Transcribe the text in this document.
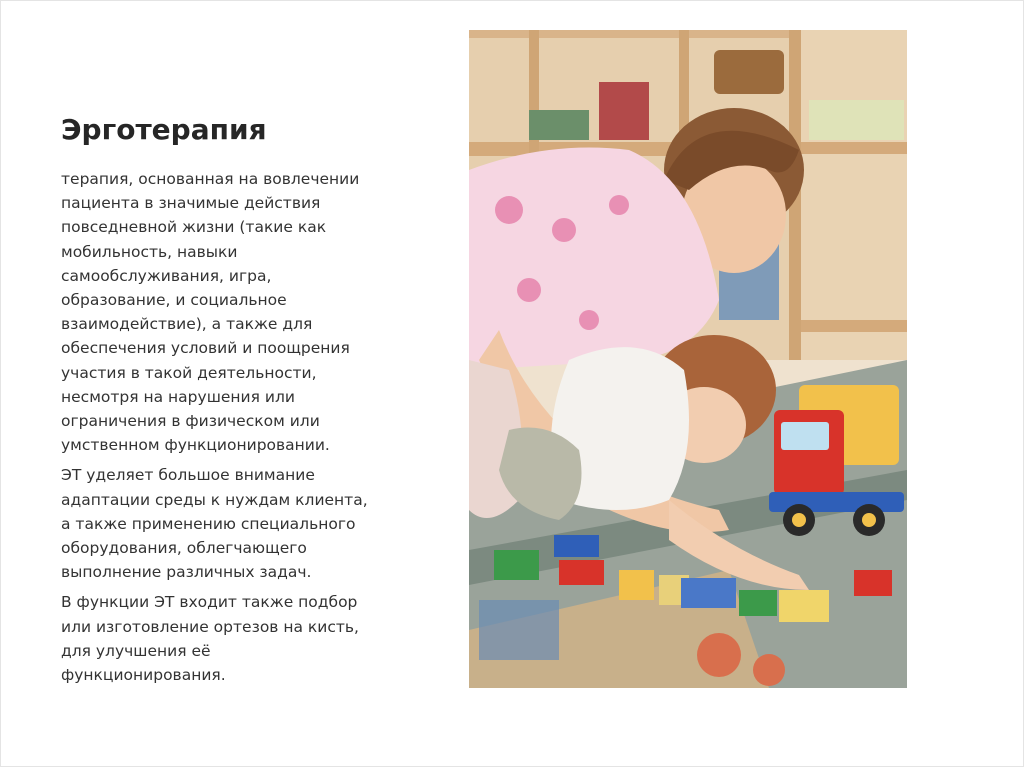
Эрготерапия

терапия, основанная на вовлечении
пациента в значимые действия
повседневной жизни (такие как
мобильность, навыки
самообслуживания, игра,
образование, и социальное
взаимодействие), а также для
обеспечения условий и поощрения
участия в такой деятельности,
несмотря на нарушения или
ограничения в физическом или
умственном функционировании.

ЭТ уделяет большое внимание
адаптации среды к нуждам клиента,
а также применению специального
оборудования, облегчающего
выполнение различных задач.

В функции ЭТ входит также подбор
или изготовление ортезов на кисть,
для улучшения её
функционирования.
